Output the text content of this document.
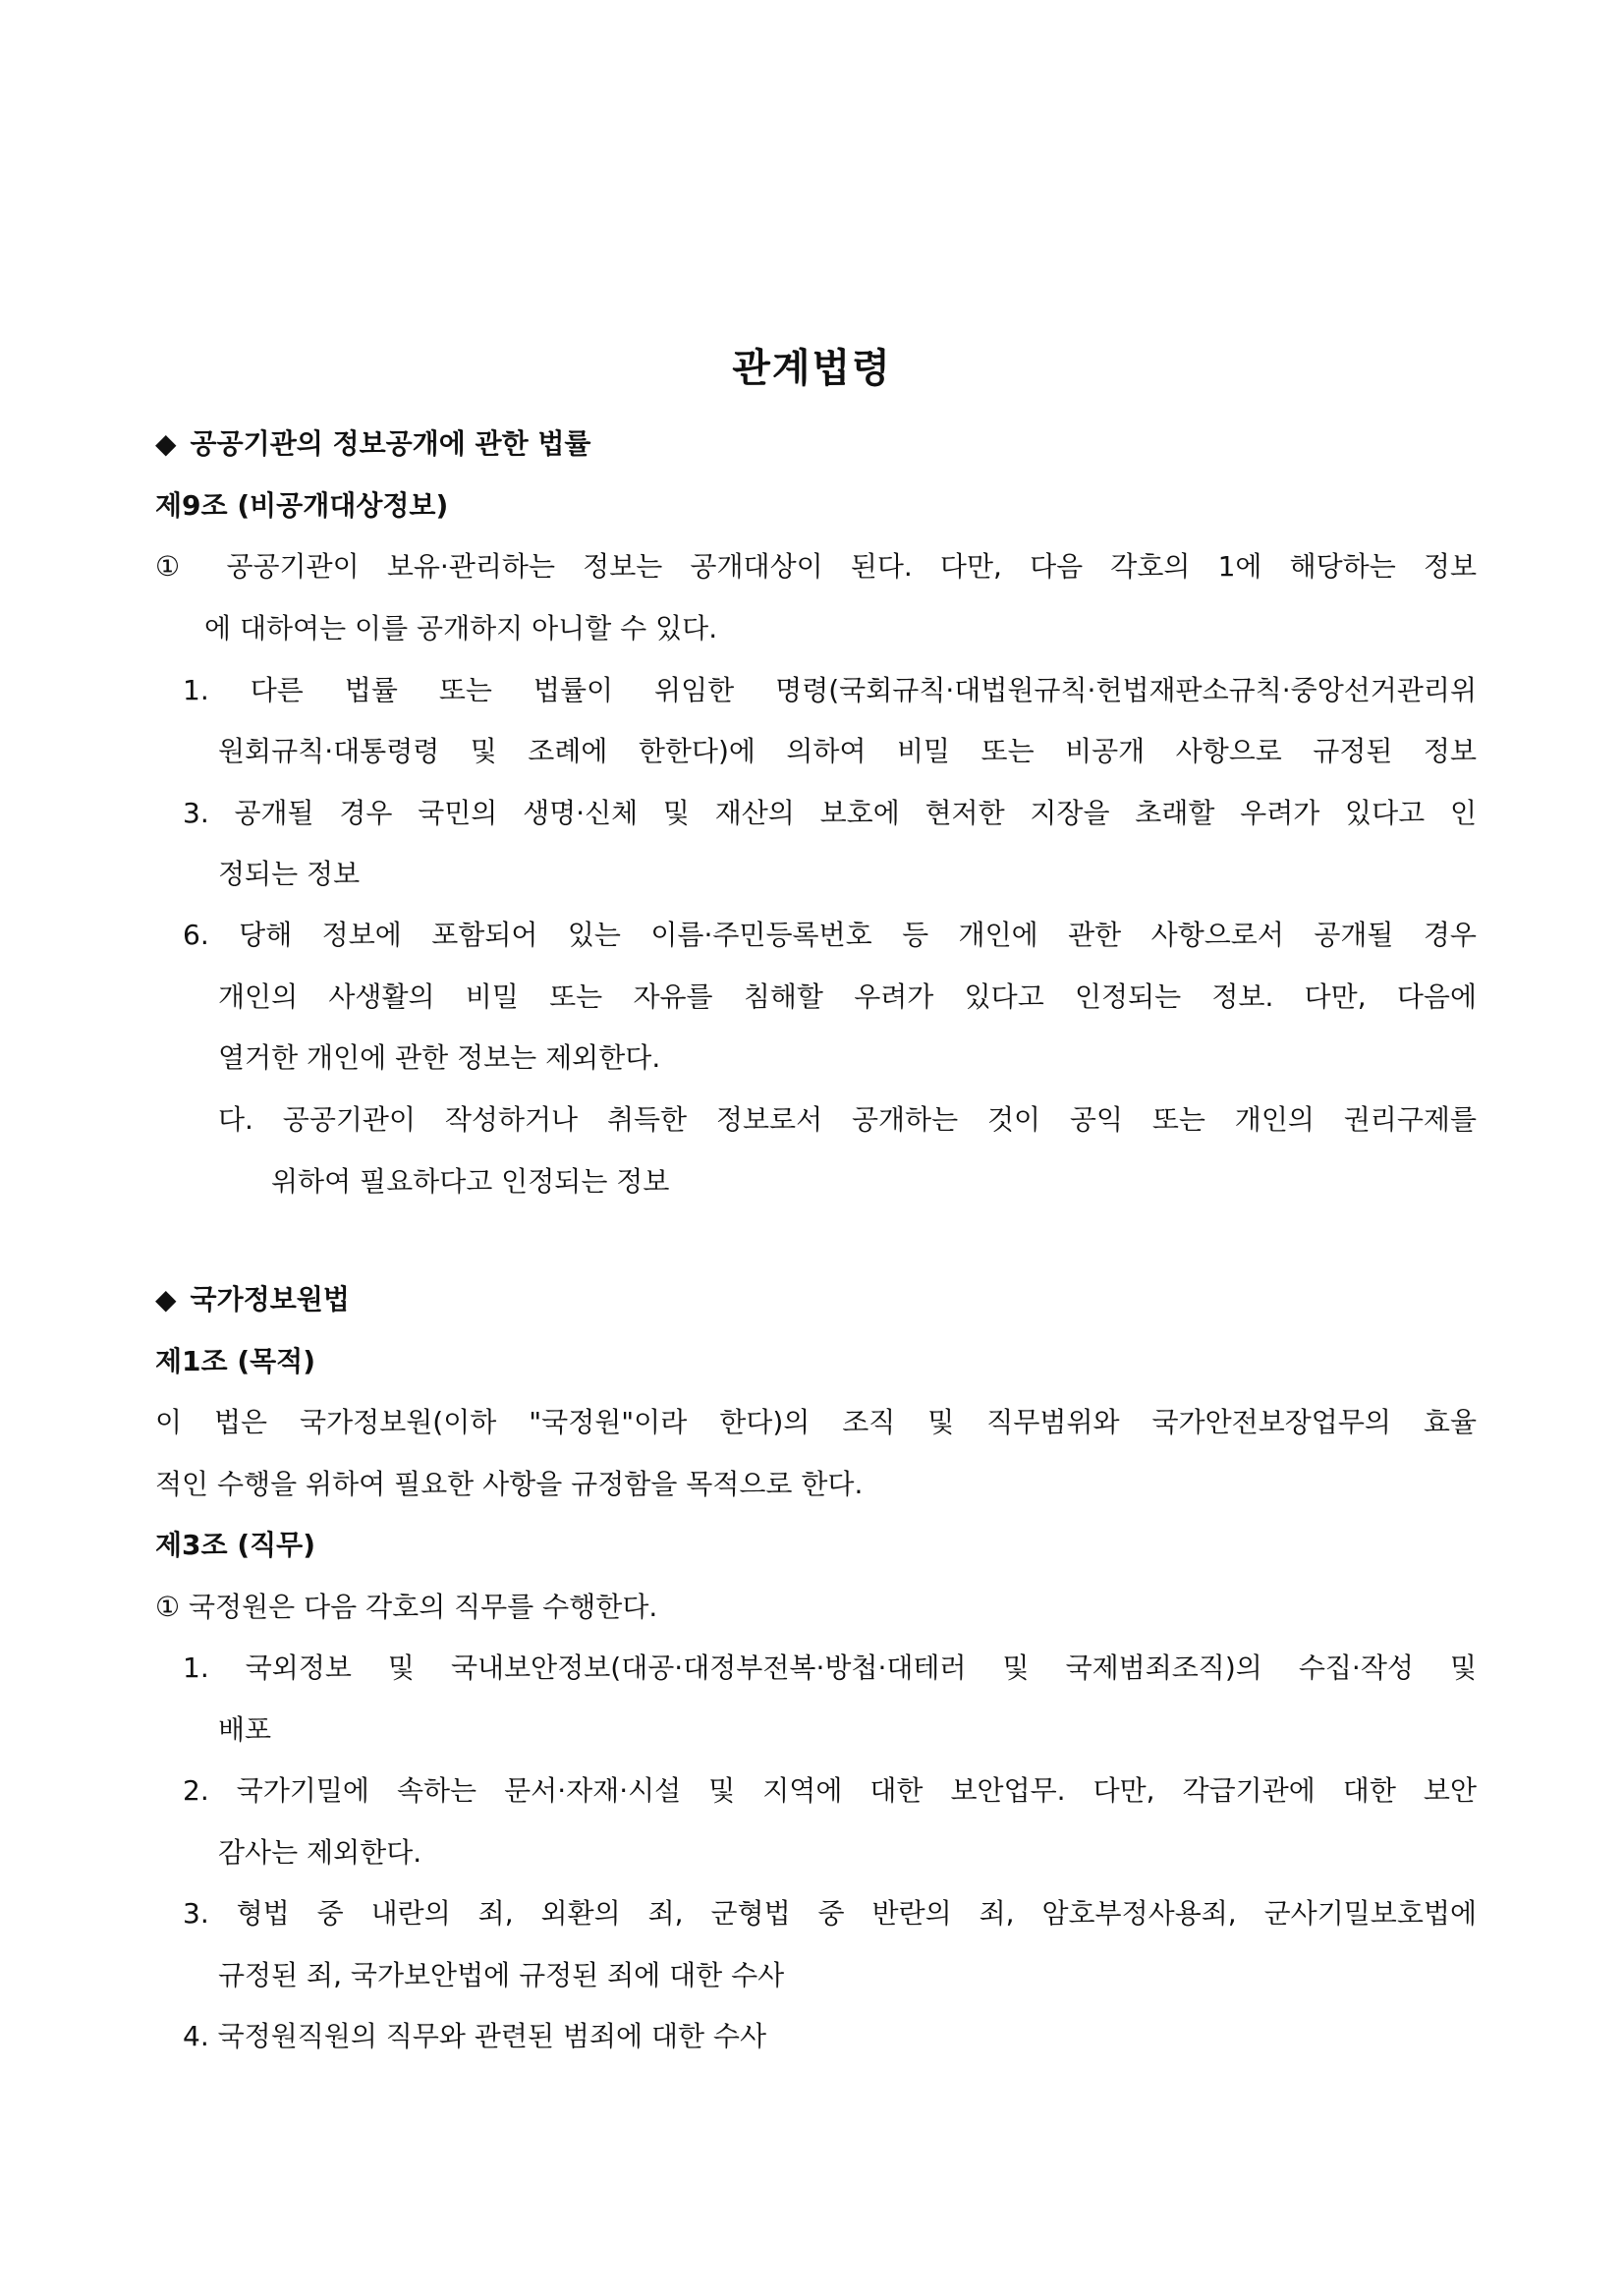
관계법령
◆ 공공기관의 정보공개에 관한 법률
제9조 (비공개대상정보)
① 공공기관이 보유·관리하는 정보는 공개대상이 된다. 다만, 다음 각호의 1에 해당하는 정보
에 대하여는 이를 공개하지 아니할 수 있다.
1. 다른 법률 또는 법률이 위임한 명령(국회규칙·대법원규칙·헌법재판소규칙·중앙선거관리위
원회규칙·대통령령 및 조례에 한한다)에 의하여 비밀 또는 비공개 사항으로 규정된 정보
3. 공개될 경우 국민의 생명·신체 및 재산의 보호에 현저한 지장을 초래할 우려가 있다고 인
정되는 정보
6. 당해 정보에 포함되어 있는 이름·주민등록번호 등 개인에 관한 사항으로서 공개될 경우
개인의 사생활의 비밀 또는 자유를 침해할 우려가 있다고 인정되는 정보. 다만, 다음에
열거한 개인에 관한 정보는 제외한다.
다. 공공기관이 작성하거나 취득한 정보로서 공개하는 것이 공익 또는 개인의 권리구제를
위하여 필요하다고 인정되는 정보
◆ 국가정보원법
제1조 (목적)
이 법은 국가정보원(이하 "국정원"이라 한다)의 조직 및 직무범위와 국가안전보장업무의 효율
적인 수행을 위하여 필요한 사항을 규정함을 목적으로 한다.
제3조 (직무)
① 국정원은 다음 각호의 직무를 수행한다.
1. 국외정보 및 국내보안정보(대공·대정부전복·방첩·대테러 및 국제범죄조직)의 수집·작성 및
배포
2. 국가기밀에 속하는 문서·자재·시설 및 지역에 대한 보안업무. 다만, 각급기관에 대한 보안
감사는 제외한다.
3. 형법 중 내란의 죄, 외환의 죄, 군형법 중 반란의 죄, 암호부정사용죄, 군사기밀보호법에
규정된 죄, 국가보안법에 규정된 죄에 대한 수사
4. 국정원직원의 직무와 관련된 범죄에 대한 수사
